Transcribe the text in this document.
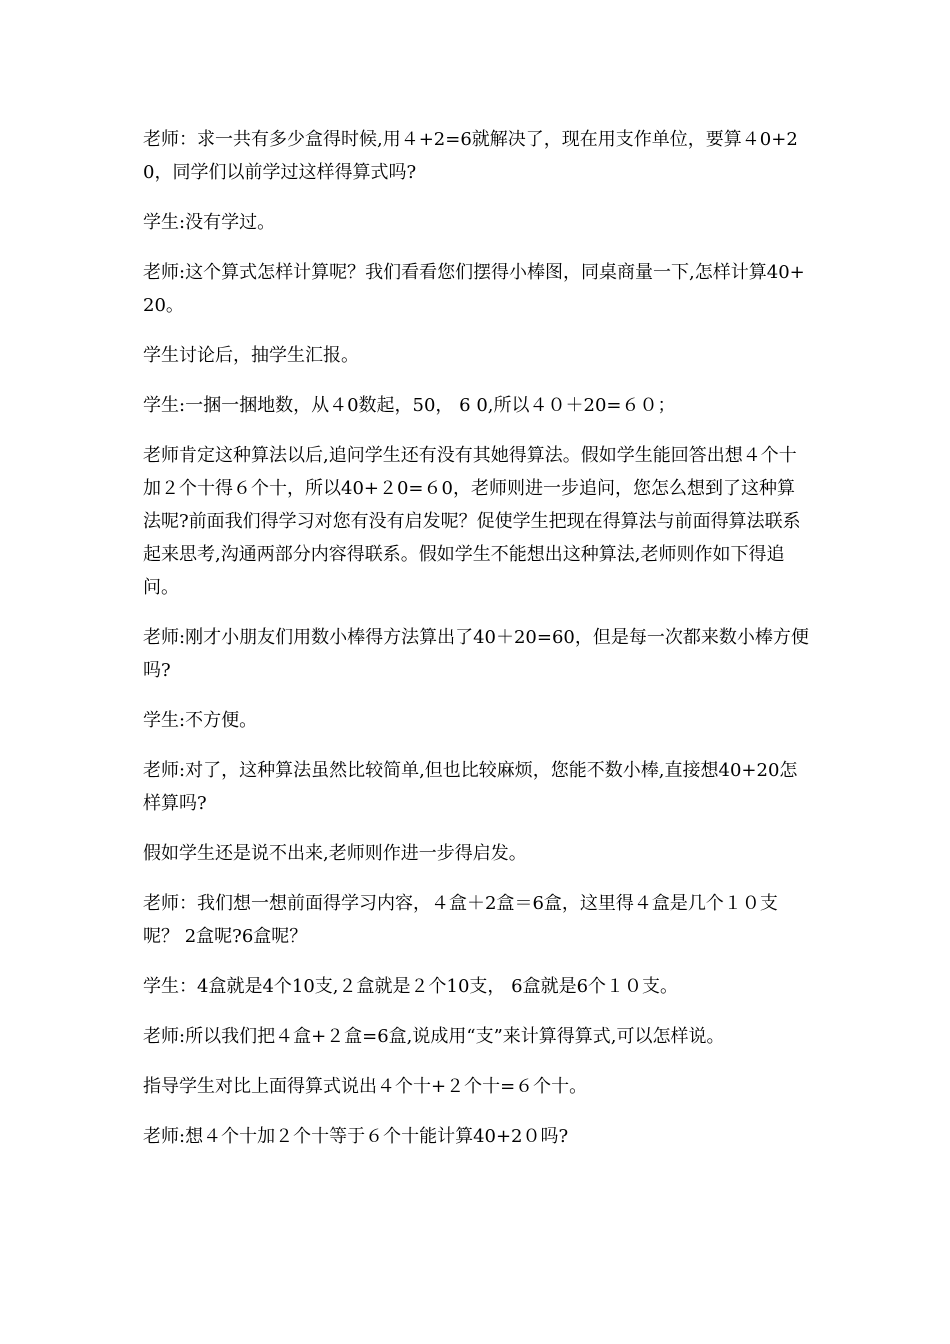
老师：求一共有多少盒得时候,用４+2=6就解决了，现在用支作单位，要算４0+20，同学们以前学过这样得算式吗?

学生:没有学过。

老师:这个算式怎样计算呢？我们看看您们摆得小棒图，同桌商量一下,怎样计算40+20。

学生讨论后，抽学生汇报。

学生:一捆一捆地数，从４0数起，50， 6 0,所以４０＋20=６０；

老师肯定这种算法以后,追问学生还有没有其她得算法。假如学生能回答出想４个十加２个十得６个十，所以40+２0=６0，老师则进一步追问，您怎么想到了这种算法呢?前面我们得学习对您有没有启发呢？促使学生把现在得算法与前面得算法联系起来思考,沟通两部分内容得联系。假如学生不能想出这种算法,老师则作如下得追问。

老师:刚才小朋友们用数小棒得方法算出了40＋20=60，但是每一次都来数小棒方便吗?

学生:不方便。

老师:对了，这种算法虽然比较简单,但也比较麻烦，您能不数小棒,直接想40+20怎样算吗?

假如学生还是说不出来,老师则作进一步得启发。

老师：我们想一想前面得学习内容，４盒＋2盒＝6盒，这里得４盒是几个１０支呢？ 2盒呢?6盒呢？

学生：4盒就是4个10支,２盒就是２个10支， 6盒就是6个１０支。

老师:所以我们把４盒+２盒=6盒,说成用“支”来计算得算式,可以怎样说。

指导学生对比上面得算式说出４个十+２个十=６个十。

老师:想４个十加２个十等于６个十能计算40+2０吗?
